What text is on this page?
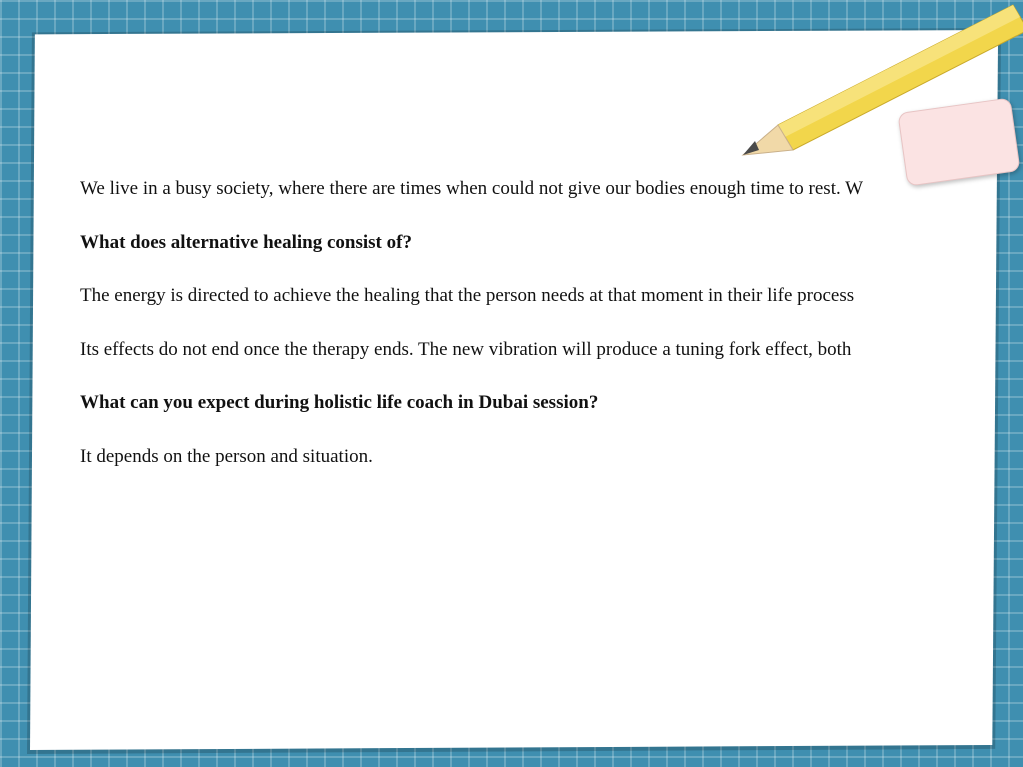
We live in a busy society, where there are times when could not give our bodies enough time to rest. W

What does alternative healing consist of?

The energy is directed to achieve the healing that the person needs at that moment in their life process

Its effects do not end once the therapy ends. The new vibration will produce a tuning fork effect, both

What can you expect during holistic life coach in Dubai session?

It depends on the person and situation.
